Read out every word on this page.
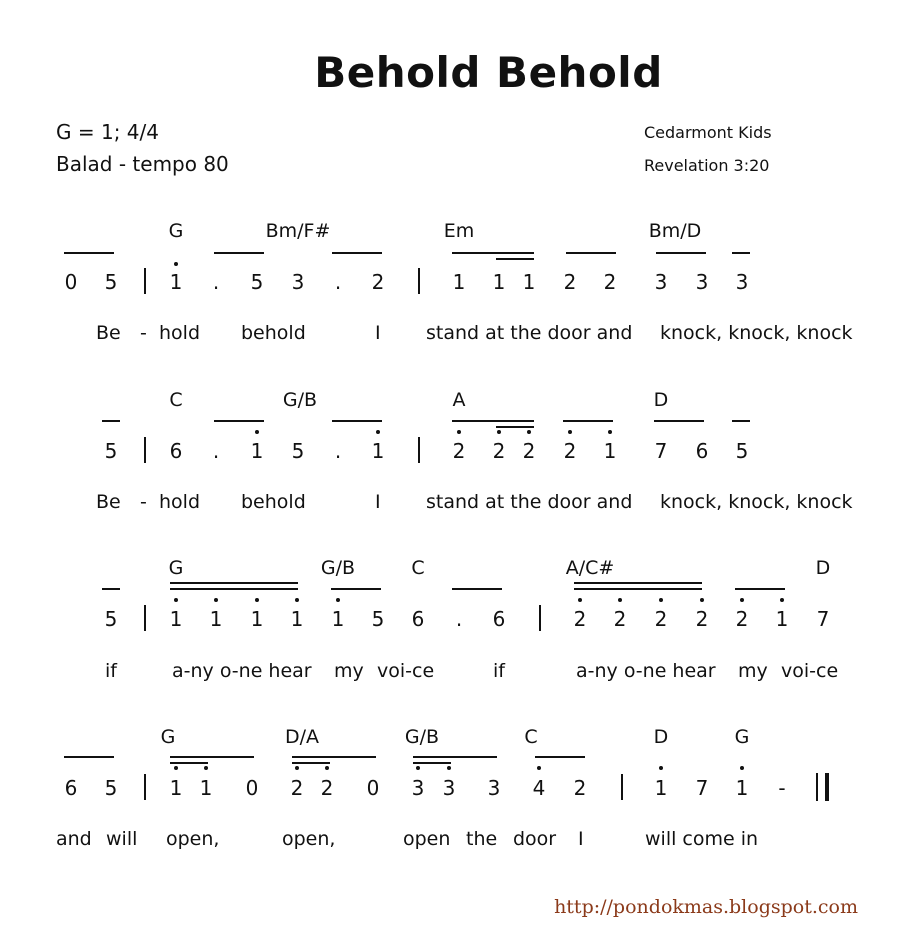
Behold Behold
G = 1; 4/4
Balad - tempo 80
Cedarmont Kids
Revelation 3:20
G	Bm/F#	Em	Bm/D
0 5	1	.	5 3	.	2	1 1 1 2 2 3 3 3
Be - hold behold	I stand at the door and knock, knock, knock
C	G/B	A	D
5	6	.	1 5	.	1	2 2 2 2 1 7 6 5
Be - hold behold	I stand at the door and knock, knock, knock
G	G/B	C	A/C#	D
5	1 1 1 1 1 5 6	.	6	2 2 2 2 2 1 7
if	a-ny o-ne hear my voi-ce	if	a-ny o-ne hear my voi-ce
G	D/A	G/B	C	D	G
6 5	1 1 0 2 2 0 3 3 3 4 2	1 7 1	-
and will open,	open,	open the door I	will come in
http://pondokmas.blogspot.com
